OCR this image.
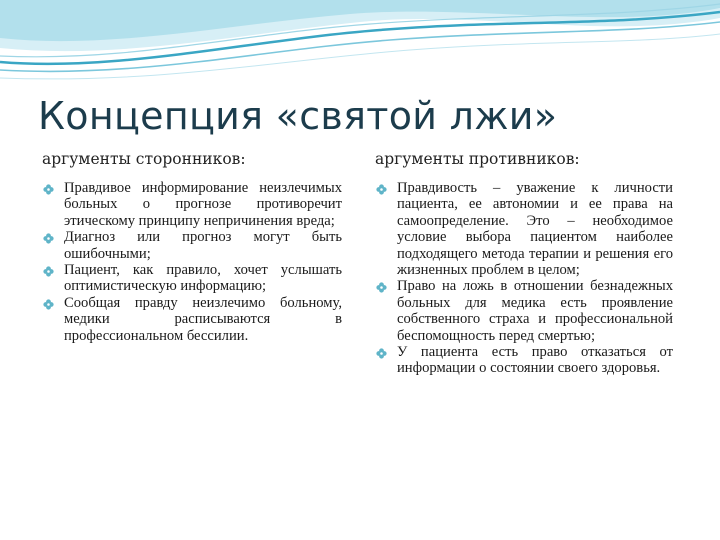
Концепция «святой лжи»
аргументы сторонников:
Правдивое информирование неизлечимых больных о прогнозе противоречит этическому принципу непричинения вреда;
Диагноз или прогноз могут быть ошибочными;
Пациент, как правило, хочет услышать оптимистическую информацию;
Сообщая правду неизлечимо больному, медики расписываются в профессиональном бессилии.
аргументы противников:
Правдивость – уважение к личности пациента, ее автономии и ее права на самоопределение. Это – необходимое условие выбора пациентом наиболее подходящего метода терапии и решения его жизненных проблем в целом;
Право на ложь в отношении безнадежных больных для медика есть проявление собственного страха и профессиональной беспомощность перед смертью;
У пациента есть право отказаться от информации о состоянии своего здоровья.
